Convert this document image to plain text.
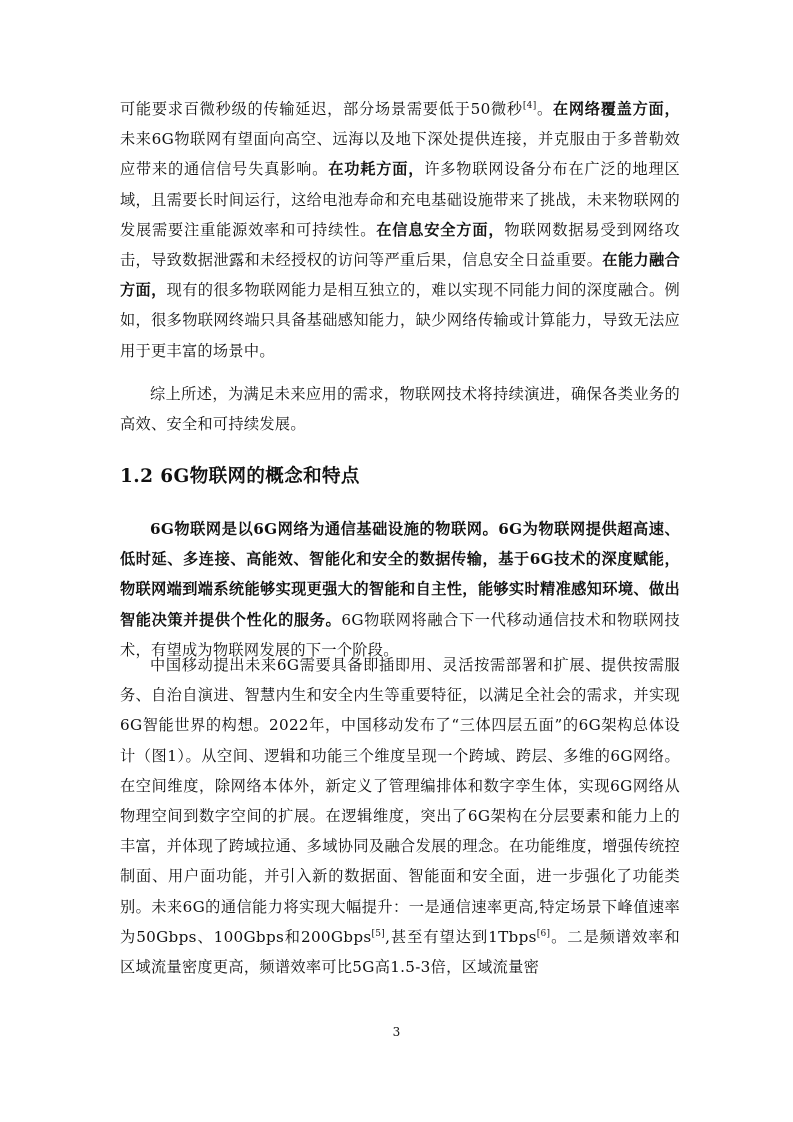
可能要求百微秒级的传输延迟，部分场景需要低于50微秒[4]。在网络覆盖方面，未来6G物联网有望面向高空、远海以及地下深处提供连接，并克服由于多普勒效应带来的通信信号失真影响。在功耗方面，许多物联网设备分布在广泛的地理区域，且需要长时间运行，这给电池寿命和充电基础设施带来了挑战，未来物联网的发展需要注重能源效率和可持续性。在信息安全方面，物联网数据易受到网络攻击，导致数据泄露和未经授权的访问等严重后果，信息安全日益重要。在能力融合方面，现有的很多物联网能力是相互独立的，难以实现不同能力间的深度融合。例如，很多物联网终端只具备基础感知能力，缺少网络传输或计算能力，导致无法应用于更丰富的场景中。

综上所述，为满足未来应用的需求，物联网技术将持续演进，确保各类业务的高效、安全和可持续发展。

1.2 6G物联网的概念和特点

6G物联网是以6G网络为通信基础设施的物联网。6G为物联网提供超高速、低时延、多连接、高能效、智能化和安全的数据传输，基于6G技术的深度赋能，物联网端到端系统能够实现更强大的智能和自主性，能够实时精准感知环境、做出智能决策并提供个性化的服务。6G物联网将融合下一代移动通信技术和物联网技术，有望成为物联网发展的下一个阶段。

中国移动提出未来6G需要具备即插即用、灵活按需部署和扩展、提供按需服务、自治自演进、智慧内生和安全内生等重要特征，以满足全社会的需求，并实现6G智能世界的构想。2022年，中国移动发布了“三体四层五面”的6G架构总体设计（图1）。从空间、逻辑和功能三个维度呈现一个跨域、跨层、多维的6G网络。在空间维度，除网络本体外，新定义了管理编排体和数字孪生体，实现6G网络从物理空间到数字空间的扩展。在逻辑维度，突出了6G架构在分层要素和能力上的丰富，并体现了跨域拉通、多域协同及融合发展的理念。在功能维度，增强传统控制面、用户面功能，并引入新的数据面、智能面和安全面，进一步强化了功能类别。未来6G的通信能力将实现大幅提升：一是通信速率更高,特定场景下峰值速率为50Gbps、100Gbps和200Gbps[5],甚至有望达到1Tbps[6]。二是频谱效率和区域流量密度更高，频谱效率可比5G高1.5-3倍，区域流量密

3
